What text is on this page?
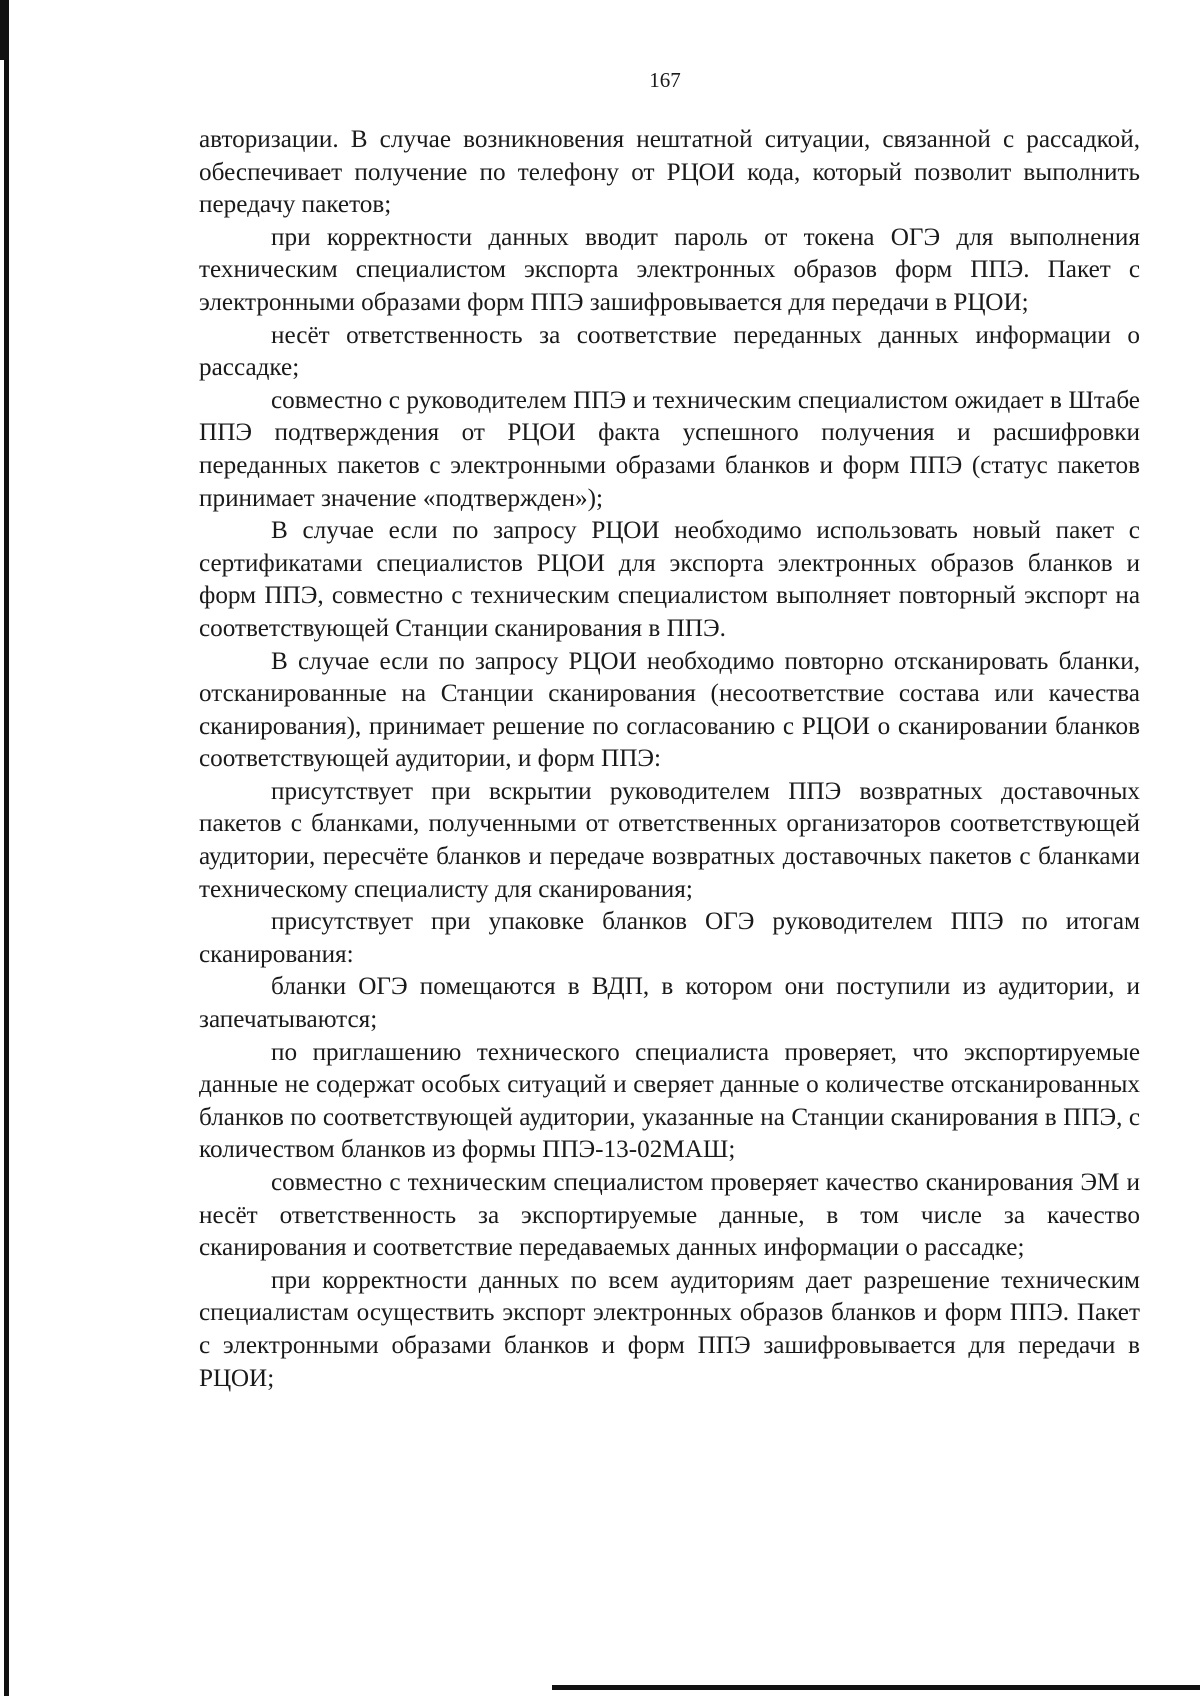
167

авторизации. В случае возникновения нештатной ситуации, связанной с рассадкой, обеспечивает получение по телефону от РЦОИ кода, который позволит выполнить передачу пакетов;

при корректности данных вводит пароль от токена ОГЭ для выполнения техническим специалистом экспорта электронных образов форм ППЭ. Пакет с электронными образами форм ППЭ зашифровывается для передачи в РЦОИ;

несёт ответственность за соответствие переданных данных информации о рассадке;

совместно с руководителем ППЭ и техническим специалистом ожидает в Штабе ППЭ подтверждения от РЦОИ факта успешного получения и расшифровки переданных пакетов с электронными образами бланков и форм ППЭ (статус пакетов принимает значение «подтвержден»);

В случае если по запросу РЦОИ необходимо использовать новый пакет с сертификатами специалистов РЦОИ для экспорта электронных образов бланков и форм ППЭ, совместно с техническим специалистом выполняет повторный экспорт на соответствующей Станции сканирования в ППЭ.

В случае если по запросу РЦОИ необходимо повторно отсканировать бланки, отсканированные на Станции сканирования (несоответствие состава или качества сканирования), принимает решение по согласованию с РЦОИ о сканировании бланков соответствующей аудитории, и форм ППЭ:

присутствует при вскрытии руководителем ППЭ возвратных доставочных пакетов с бланками, полученными от ответственных организаторов соответствующей аудитории, пересчёте бланков и передаче возвратных доставочных пакетов с бланками техническому специалисту для сканирования;

присутствует при упаковке бланков ОГЭ руководителем ППЭ по итогам сканирования:

бланки ОГЭ помещаются в ВДП, в котором они поступили из аудитории, и запечатываются;

по приглашению технического специалиста проверяет, что экспортируемые данные не содержат особых ситуаций и сверяет данные о количестве отсканированных бланков по соответствующей аудитории, указанные на Станции сканирования в ППЭ, с количеством бланков из формы ППЭ-13-02МАШ;

совместно с техническим специалистом проверяет качество сканирования ЭМ и несёт ответственность за экспортируемые данные, в том числе за качество сканирования и соответствие передаваемых данных информации о рассадке;

при корректности данных по всем аудиториям дает разрешение техническим специалистам осуществить экспорт электронных образов бланков и форм ППЭ. Пакет с электронными образами бланков и форм ППЭ зашифровывается для передачи в РЦОИ;
